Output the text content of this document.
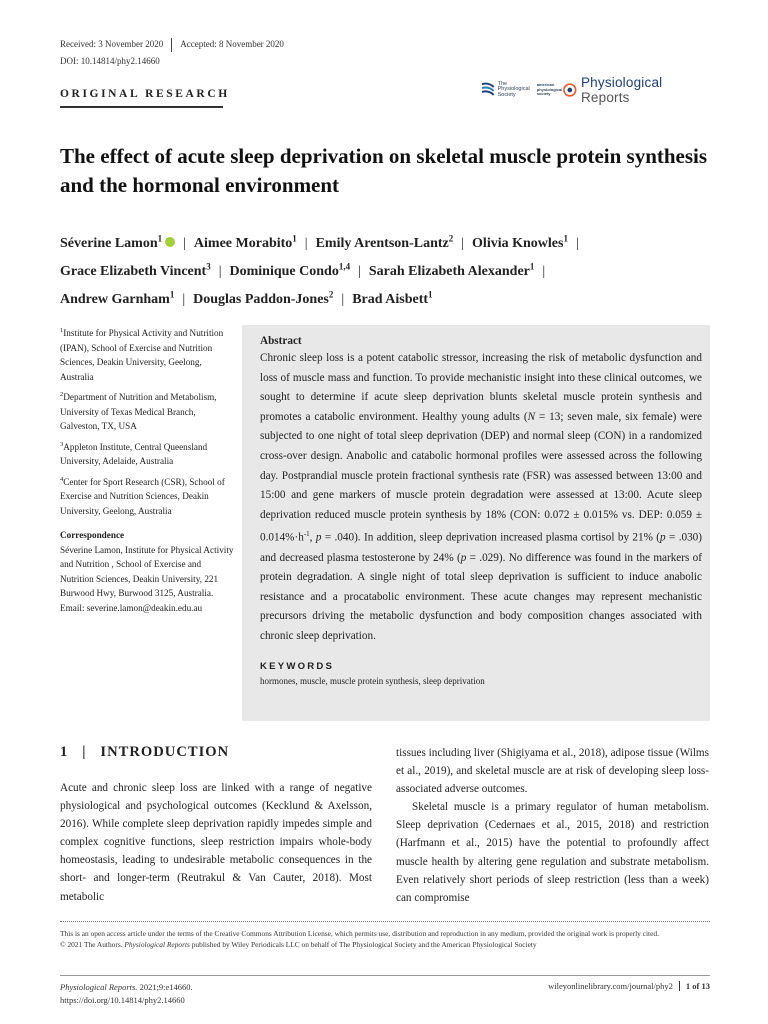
Received: 3 November 2020 Accepted: 8 November 2020
DOI: 10.14814/phy2.14660
ORIGINAL RESEARCH
The
Physiological
Society
american
physiological
society
Physiological Reports
The effect of acute sleep deprivation on skeletal muscle protein synthesis and the hormonal environment
Séverine Lamon$^1$ | Aimee Morabito$^1$ | Emily Arentson-Lantz$^2$ | Olivia Knowles$^1$ |
Grace Elizabeth Vincent$^3$ | Dominique Condo$^{1,4}$ | Sarah Elizabeth Alexander$^1$ |
Andrew Garnham$^1$ | Douglas Paddon-Jones$^2$ | Brad Aisbett$^1$

$^1$Institute for Physical Activity and Nutrition (IPAN), School of Exercise and Nutrition Sciences, Deakin University, Geelong, Australia

$^2$Department of Nutrition and Metabolism, University of Texas Medical Branch, Galveston, TX, USA

$^3$Appleton Institute, Central Queensland University, Adelaide, Australia

$^4$Center for Sport Research (CSR), School of Exercise and Nutrition Sciences, Deakin University, Geelong, Australia

Correspondence

Séverine Lamon, Institute for Physical Activity and Nutrition , School of Exercise and Nutrition Sciences, Deakin University, 221 Burwood Hwy, Burwood 3125, Australia.

Email: severine.lamon@deakin.edu.au

Abstract

Chronic sleep loss is a potent catabolic stressor, increasing the risk of metabolic dysfunction and loss of muscle mass and function. To provide mechanistic insight into these clinical outcomes, we sought to determine if acute sleep deprivation blunts skeletal muscle protein synthesis and promotes a catabolic environment. Healthy young adults (N = 13; seven male, six female) were subjected to one night of total sleep deprivation (DEP) and normal sleep (CON) in a randomized cross-over design. Anabolic and catabolic hormonal profiles were assessed across the following day. Postprandial muscle protein fractional synthesis rate (FSR) was assessed between 13:00 and 15:00 and gene markers of muscle protein degradation were assessed at 13:00. Acute sleep deprivation reduced muscle protein synthesis by 18% (CON: 0.072 ± 0.015% vs. DEP: $0.059 \pm 0.014\%\cdot h^{-1}$, p = .040). In addition, sleep deprivation increased plasma cortisol by 21% (p = .030) and decreased plasma testosterone by 24% (p = .029). No difference was found in the markers of protein degradation. A single night of total sleep deprivation is sufficient to induce anabolic resistance and a procatabolic environment. These acute changes may represent mechanistic precursors driving the metabolic dysfunction and body composition changes associated with chronic sleep deprivation.

KEYWORDS

hormones, muscle, muscle protein synthesis, sleep deprivation

1   |   INTRODUCTION

Acute and chronic sleep loss are linked with a range of negative physiological and psychological outcomes (Kecklund & Axelsson, 2016). While complete sleep deprivation rapidly impedes simple and complex cognitive functions, sleep restriction impairs whole-body homeostasis, leading to undesirable metabolic consequences in the short- and longer-term (Reutrakul & Van Cauter, 2018). Most metabolic

tissues including liver (Shigiyama et al., 2018), adipose tissue (Wilms et al., 2019), and skeletal muscle are at risk of developing sleep loss-associated adverse outcomes.

Skeletal muscle is a primary regulator of human metabolism. Sleep deprivation (Cedernaes et al., 2015, 2018) and restriction (Harfmann et al., 2015) have the potential to profoundly affect muscle health by altering gene regulation and substrate metabolism. Even relatively short periods of sleep restriction (less than a week) can compromise

This is an open access article under the terms of the Creative Commons Attribution License, which permits use, distribution and reproduction in any medium, provided the original work is properly cited.

© 2021 The Authors. Physiological Reports published by Wiley Periodicals LLC on behalf of The Physiological Society and the American Physiological Society

Physiological Reports. 2021;9:e14660.
https://doi.org/10.14814/phy2.14660
wileyonlinelibrary.com/journal/phy2 1 of 13
